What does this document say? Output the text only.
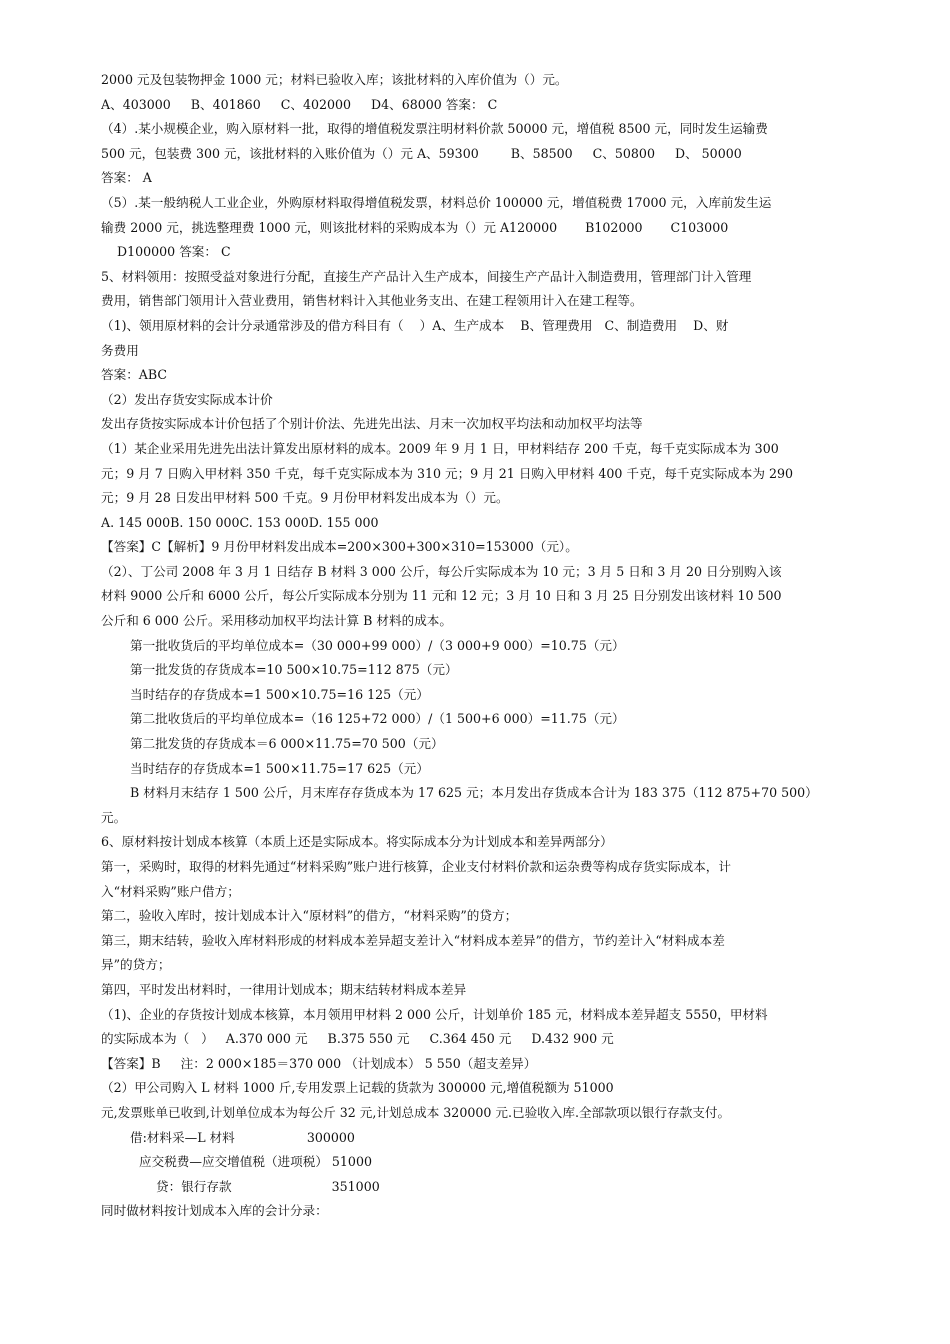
2000 元及包装物押金 1000 元；材料已验收入库；该批材料的入库价值为（）元。
A、403000     B、401860     C、402000     D4、68000 答案： C
（4）.某小规模企业，购入原材料一批，取得的增值税发票注明材料价款 50000 元，增值税 8500 元，同时发生运输费
500 元，包装费 300 元，该批材料的入账价值为（）元 A、59300        B、58500     C、50800     D、 50000
答案： A
（5）.某一般纳税人工业企业，外购原材料取得增值税发票，材料总价 100000 元，增值税费 17000 元，入库前发生运
输费 2000 元，挑选整理费 1000 元，则该批材料的采购成本为（）元 A120000       B102000       C103000
D100000 答案： C
5、材料领用：按照受益对象进行分配，直接生产产品计入生产成本，间接生产产品计入制造费用，管理部门计入管理
费用，销售部门领用计入营业费用，销售材料计入其他业务支出、在建工程领用计入在建工程等。
（1)、领用原材料的会计分录通常涉及的借方科目有（    ）A、生产成本    B、管理费用   C、制造费用    D、财
务费用
答案：ABC
（2）发出存货安实际成本计价
发出存货按实际成本计价包括了个别计价法、先进先出法、月末一次加权平均法和动加权平均法等
（1）某企业采用先进先出法计算发出原材料的成本。2009 年 9 月 1 日，甲材料结存 200 千克，每千克实际成本为 300
元；9 月 7 日购入甲材料 350 千克，每千克实际成本为 310 元；9 月 21 日购入甲材料 400 千克，每千克实际成本为 290
元；9 月 28 日发出甲材料 500 千克。9 月份甲材料发出成本为（）元。
A. 145 000B. 150 000C. 153 000D. 155 000
【答案】C【解析】9 月份甲材料发出成本=200×300+300×310=153000（元）。
（2）、丁公司 2008 年 3 月 1 日结存 B 材料 3 000 公斤，每公斤实际成本为 10 元；3 月 5 日和 3 月 20 日分别购入该
材料 9000 公斤和 6000 公斤，每公斤实际成本分别为 11 元和 12 元；3 月 10 日和 3 月 25 日分别发出该材料 10 500
公斤和 6 000 公斤。采用移动加权平均法计算 B 材料的成本。
第一批收货后的平均单位成本=（30 000+99 000）/（3 000+9 000）=10.75（元）
第一批发货的存货成本=10 500×10.75=112 875（元）
当时结存的存货成本=1 500×10.75=16 125（元）
第二批收货后的平均单位成本=（16 125+72 000）/（1 500+6 000）=11.75（元）
第二批发货的存货成本＝6 000×11.75=70 500（元）
当时结存的存货成本=1 500×11.75=17 625（元）
B 材料月末结存 1 500 公斤，月末库存存货成本为 17 625 元；本月发出存货成本合计为 183 375（112 875+70 500）
元。
6、原材料按计划成本核算（本质上还是实际成本。将实际成本分为计划成本和差异两部分）
第一，采购时，取得的材料先通过“材料采购”账户进行核算，企业支付材料价款和运杂费等构成存货实际成本，计
入“材料采购”账户借方；
第二，验收入库时，按计划成本计入“原材料”的借方，“材料采购”的贷方；
第三，期末结转，验收入库材料形成的材料成本差异超支差计入“材料成本差异”的借方，节约差计入“材料成本差
异”的贷方；
第四，平时发出材料时，一律用计划成本；期末结转材料成本差异
（1)、企业的存货按计划成本核算，本月领用甲材料 2 000 公斤，计划单价 185 元，材料成本差异超支 5550，甲材料
的实际成本为（   ）   A.370 000 元     B.375 550 元     C.364 450 元     D.432 900 元
【答案】B     注：2 000×185＝370 000 （计划成本） 5 550（超支差异）
（2）甲公司购入 L 材料 1000 斤,专用发票上记载的货款为 300000 元,增值税额为 51000
元,发票账单已收到,计划单位成本为每公斤 32 元,计划总成本 320000 元.已验收入库.全部款项以银行存款支付。
借:材料采—L 材料                  300000
应交税费—应交增值税（进项税） 51000
贷：银行存款                         351000
同时做材料按计划成本入库的会计分录：
